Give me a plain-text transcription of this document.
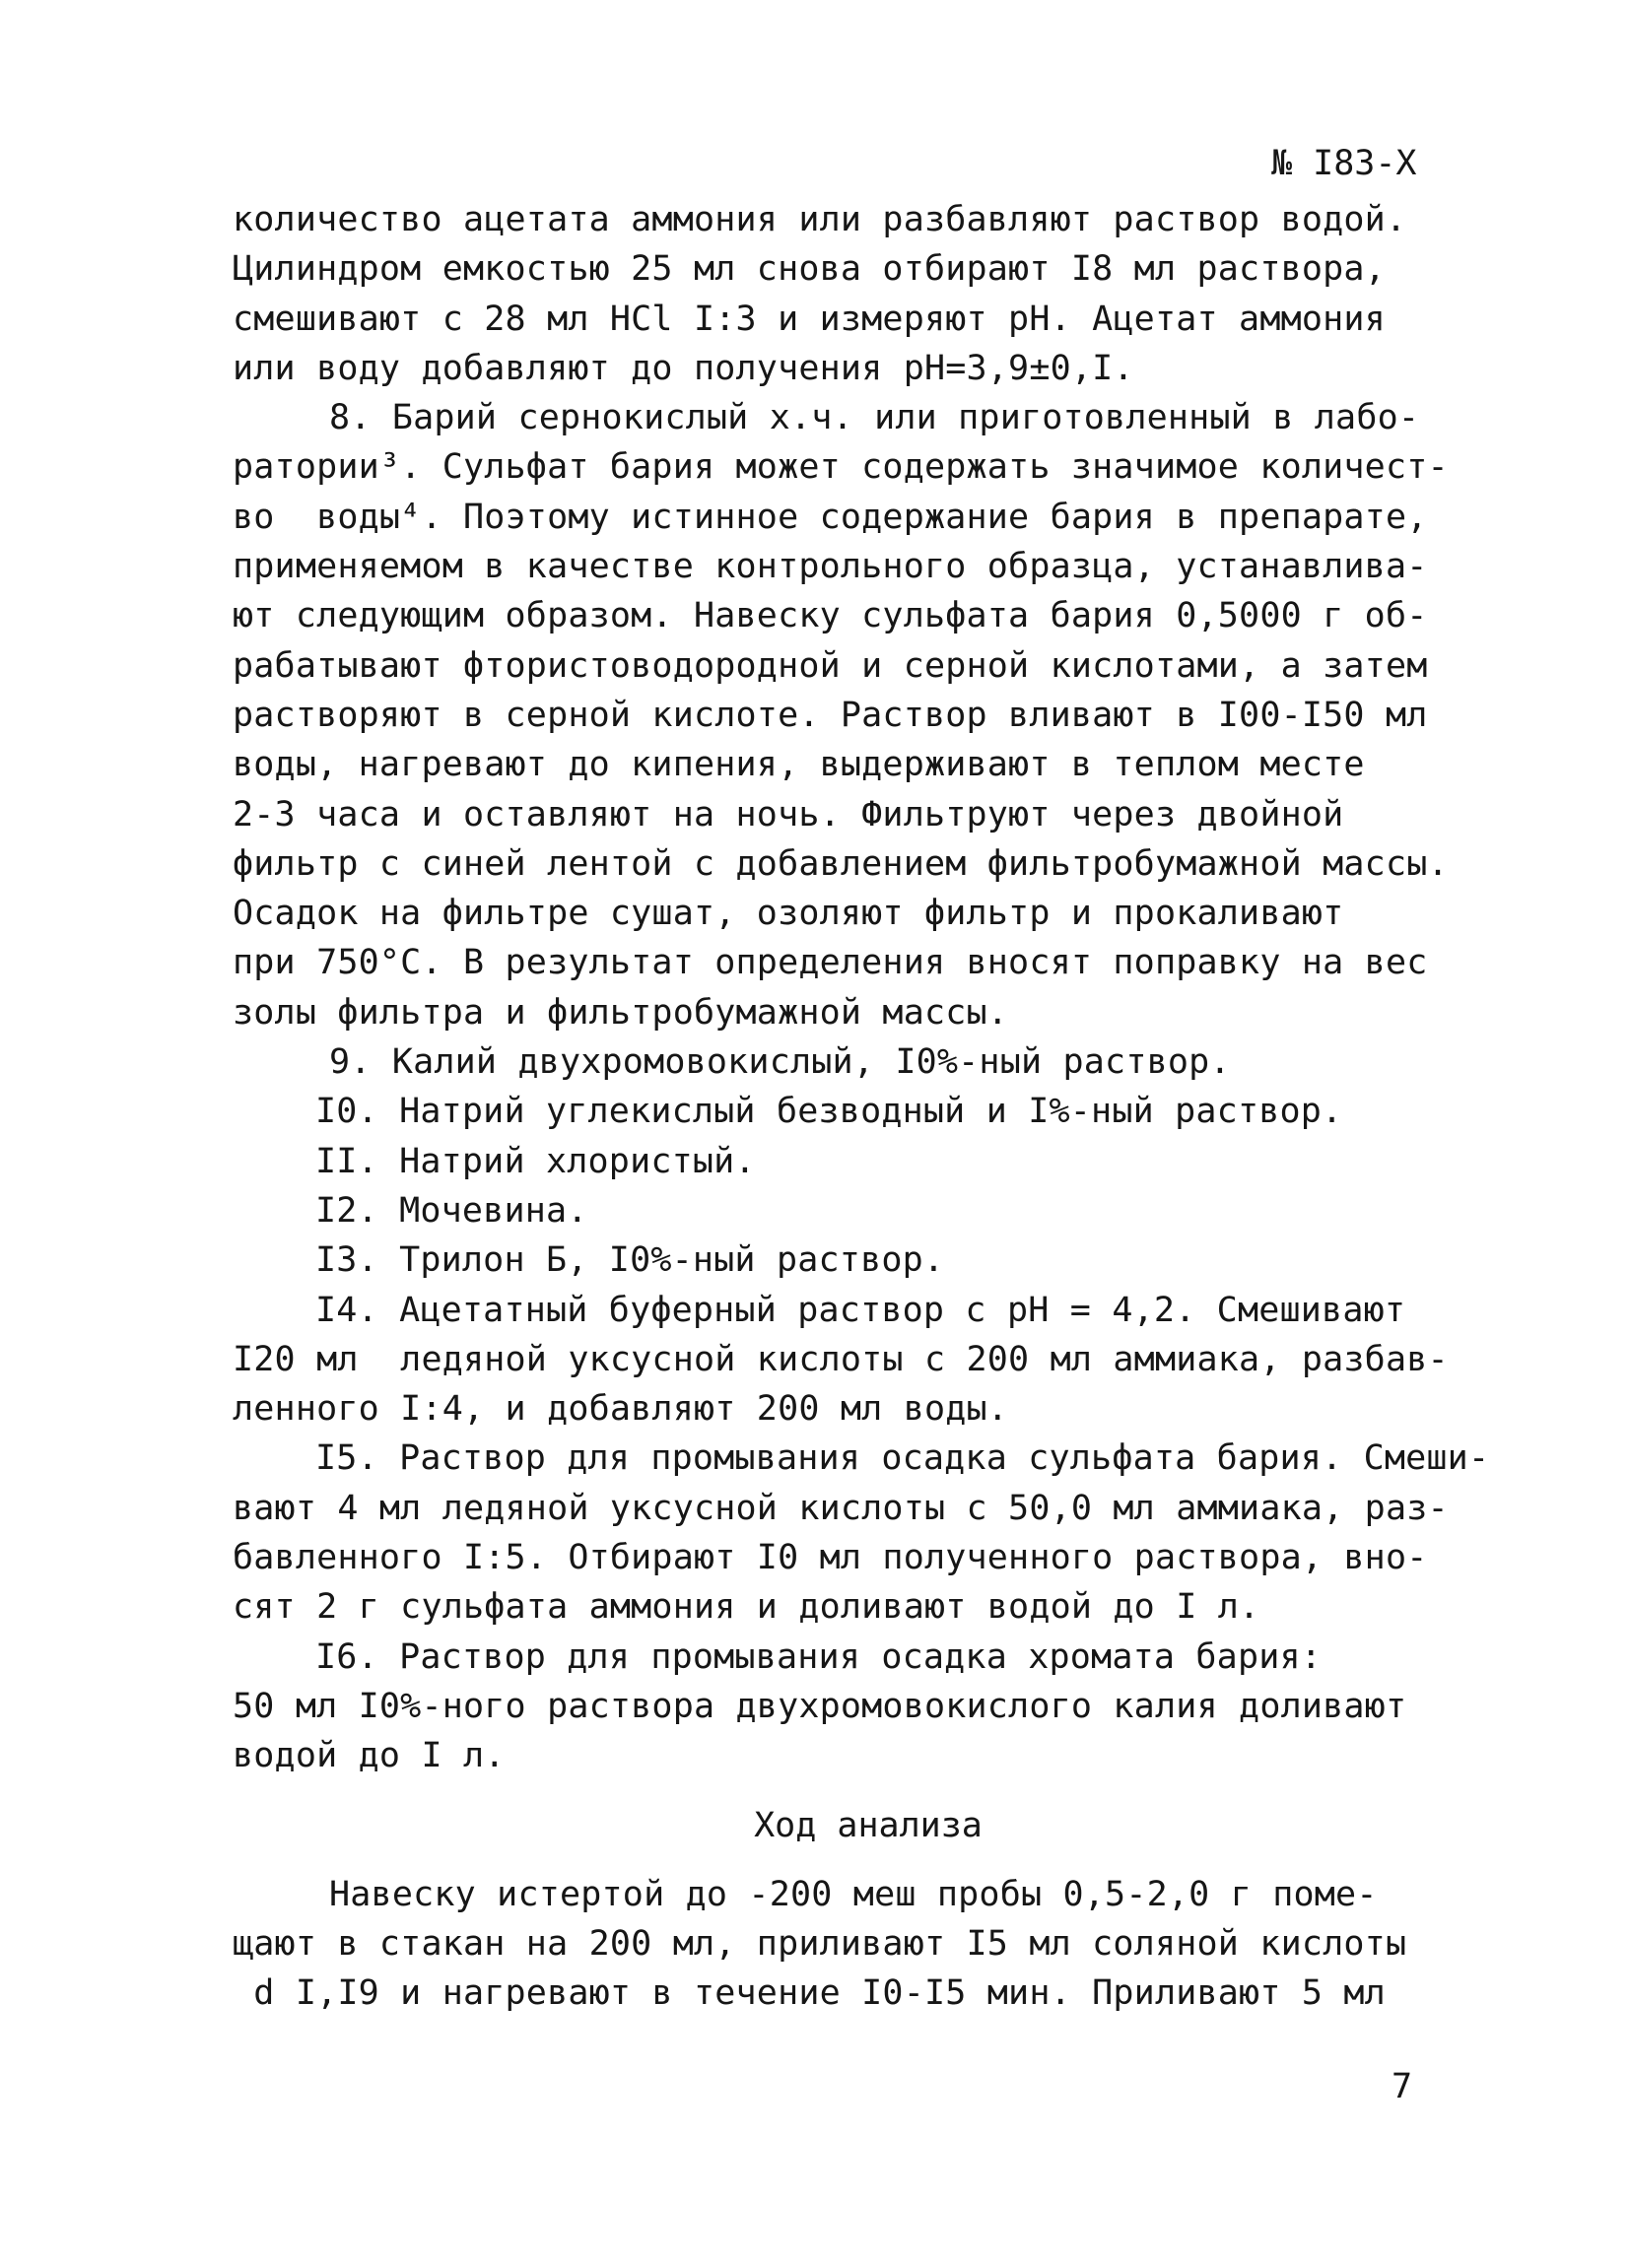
№ I83-X
количество ацетата аммония или разбавляют раствор водой.
Цилиндром емкостью 25 мл снова отбирают I8 мл раствора,
смешивают с 28 мл HCl I:3 и измеряют pH. Ацетат аммония
или воду добавляют до получения pH=3,9±0,I.
8. Барий сернокислый х.ч. или приготовленный в лабо-
ратории³. Сульфат бария может содержать значимое количест-
во  воды⁴. Поэтому истинное содержание бария в препарате,
применяемом в качестве контрольного образца, устанавлива-
ют следующим образом. Навеску сульфата бария 0,5000 г об-
рабатывают фтористоводородной и серной кислотами, а затем
растворяют в серной кислоте. Раствор вливают в I00-I50 мл
воды, нагревают до кипения, выдерживают в теплом месте
2-3 часа и оставляют на ночь. Фильтруют через двойной
фильтр с синей лентой с добавлением фильтробумажной массы.
Осадок на фильтре сушат, озоляют фильтр и прокаливают
при 750°С. В результат определения вносят поправку на вес
золы фильтра и фильтробумажной массы.
9. Калий двухромовокислый, I0%-ный раствор.
I0. Натрий углекислый безводный и I%-ный раствор.
II. Натрий хлористый.
I2. Мочевина.
I3. Трилон Б, I0%-ный раствор.
I4. Ацетатный буферный раствор с pH = 4,2. Смешивают
I20 мл  ледяной уксусной кислоты с 200 мл аммиака, разбав-
ленного I:4, и добавляют 200 мл воды.
I5. Раствор для промывания осадка сульфата бария. Смеши-
вают 4 мл ледяной уксусной кислоты с 50,0 мл аммиака, раз-
бавленного I:5. Отбирают I0 мл полученного раствора, вно-
сят 2 г сульфата аммония и доливают водой до I л.
I6. Раствор для промывания осадка хромата бария:
50 мл I0%-ного раствора двухромовокислого калия доливают
водой до I л.
Ход анализа
Навеску истертой до -200 меш пробы 0,5-2,0 г поме-
щают в стакан на 200 мл, приливают I5 мл соляной кислоты
d I,I9 и нагревают в течение I0-I5 мин. Приливают 5 мл
7
